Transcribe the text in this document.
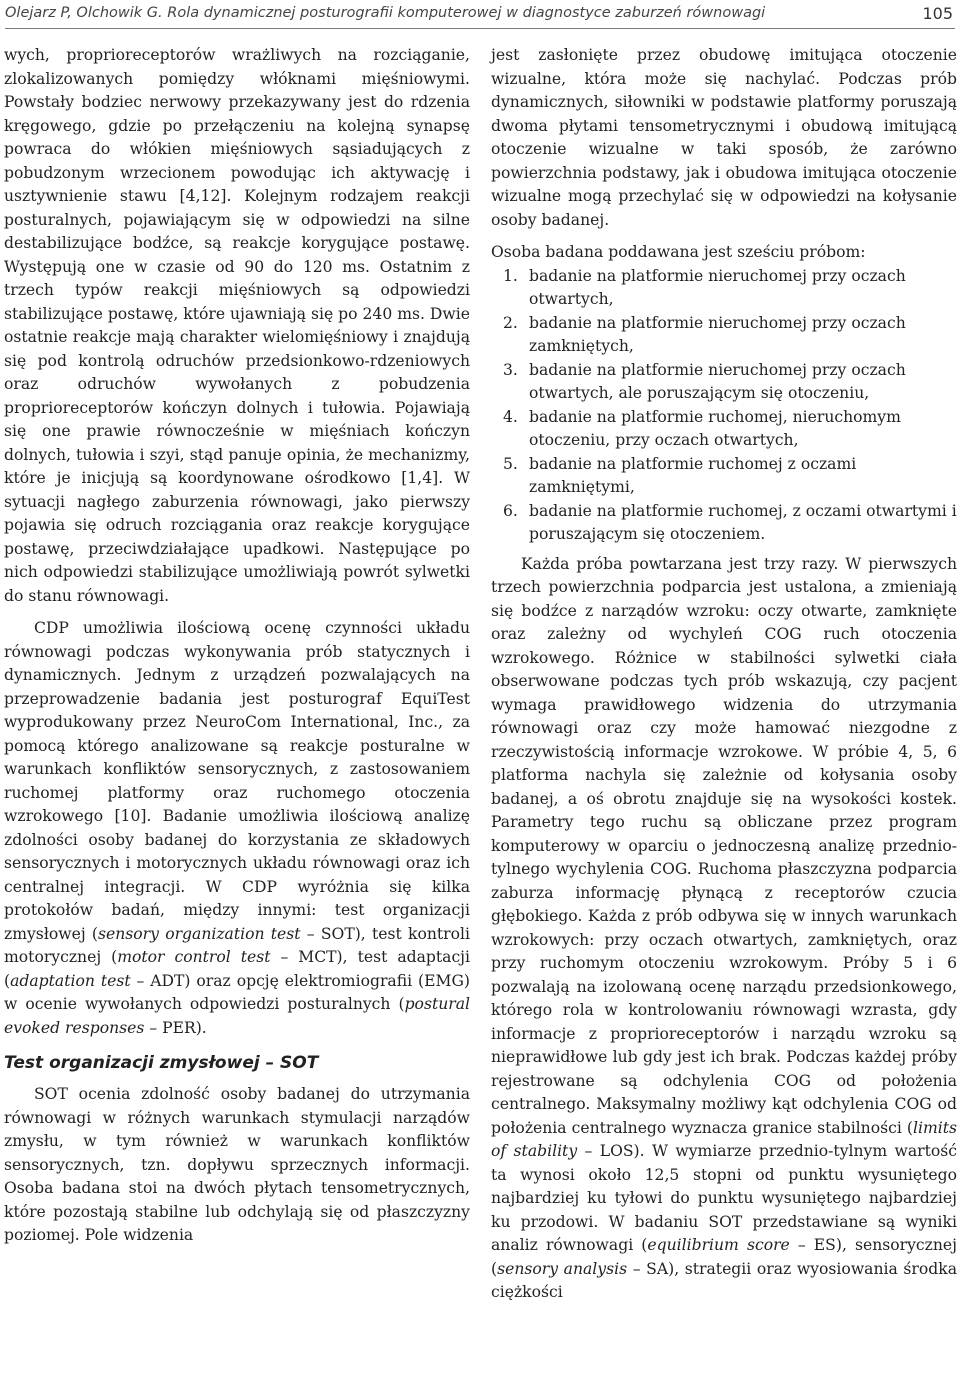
Olejarz P, Olchowik G. Rola dynamicznej posturografii komputerowej w diagnostyce zaburzeń równowagi	105

wych, proprioreceptorów wrażliwych na rozciąganie, zlokalizowanych pomiędzy włóknami mięśniowymi. Powstały bodziec nerwowy przekazywany jest do rdzenia kręgowego, gdzie po przełączeniu na kolejną synapsę powraca do włókien mięśniowych sąsiadujących z pobudzonym wrzecionem powodując ich aktywację i usztywnienie stawu [4,12]. Kolejnym rodzajem reakcji posturalnych, pojawiającym się w odpowiedzi na silne destabilizujące bodźce, są reakcje korygujące postawę. Występują one w czasie od 90 do 120 ms. Ostatnim z trzech typów reakcji mięśniowych są odpowiedzi stabilizujące postawę, które ujawniają się po 240 ms. Dwie ostatnie reakcje mają charakter wielomięśniowy i znajdują się pod kontrolą odruchów przedsionkowo-rdzeniowych oraz odruchów wywołanych z pobudzenia proprioreceptorów kończyn dolnych i tułowia. Pojawiają się one prawie równocześnie w mięśniach kończyn dolnych, tułowia i szyi, stąd panuje opinia, że mechanizmy, które je inicjują są koordynowane ośrodkowo [1,4]. W sytuacji nagłego zaburzenia równowagi, jako pierwszy pojawia się odruch rozciągania oraz reakcje korygujące postawę, przeciwdziałające upadkowi. Następujące po nich odpowiedzi stabilizujące umożliwiają powrót sylwetki do stanu równowagi.

CDP umożliwia ilościową ocenę czynności układu równowagi podczas wykonywania prób statycznych i dynamicznych. Jednym z urządzeń pozwalających na przeprowadzenie badania jest posturograf EquiTest wyprodukowany przez NeuroCom International, Inc., za pomocą którego analizowane są reakcje posturalne w warunkach konfliktów sensorycznych, z zastosowaniem ruchomej platformy oraz ruchomego otoczenia wzrokowego [10]. Badanie umożliwia ilościową analizę zdolności osoby badanej do korzystania ze składowych sensorycznych i motorycznych układu równowagi oraz ich centralnej integracji. W CDP wyróżnia się kilka protokołów badań, między innymi: test organizacji zmysłowej (sensory organization test – SOT), test kontroli motorycznej (motor control test – MCT), test adaptacji (adaptation test – ADT) oraz opcję elektromiografii (EMG) w ocenie wywołanych odpowiedzi posturalnych (postural evoked responses – PER).

Test organizacji zmysłowej – SOT

SOT ocenia zdolność osoby badanej do utrzymania równowagi w różnych warunkach stymulacji narządów zmysłu, w tym również w warunkach konfliktów sensorycznych, tzn. dopływu sprzecznych informacji. Osoba badana stoi na dwóch płytach tensometrycznych, które pozostają stabilne lub odchylają się od płaszczyzny poziomej. Pole widzenia

jest zasłonięte przez obudowę imitująca otoczenie wizualne, która może się nachylać. Podczas prób dynamicznych, siłowniki w podstawie platformy poruszają dwoma płytami tensometrycznymi i obudową imitującą otoczenie wizualne w taki sposób, że zarówno powierzchnia podstawy, jak i obudowa imitująca otoczenie wizualne mogą przechylać się w odpowiedzi na kołysanie osoby badanej.

Osoba badana poddawana jest sześciu próbom:

1. badanie na platformie nieruchomej przy oczach otwartych,
2. badanie na platformie nieruchomej przy oczach zamkniętych,
3. badanie na platformie nieruchomej przy oczach otwartych, ale poruszającym się otoczeniu,
4. badanie na platformie ruchomej, nieruchomym otoczeniu, przy oczach otwartych,
5. badanie na platformie ruchomej z oczami zamkniętymi,
6. badanie na platformie ruchomej, z oczami otwartymi i poruszającym się otoczeniem.

Każda próba powtarzana jest trzy razy. W pierwszych trzech powierzchnia podparcia jest ustalona, a zmieniają się bodźce z narządów wzroku: oczy otwarte, zamknięte oraz zależny od wychyleń COG ruch otoczenia wzrokowego. Różnice w stabilności sylwetki ciała obserwowane podczas tych prób wskazują, czy pacjent wymaga prawidłowego widzenia do utrzymania równowagi oraz czy może hamować niezgodne z rzeczywistością informacje wzrokowe. W próbie 4, 5, 6 platforma nachyla się zależnie od kołysania osoby badanej, a oś obrotu znajduje się na wysokości kostek. Parametry tego ruchu są obliczane przez program komputerowy w oparciu o jednoczesną analizę przednio-tylnego wychylenia COG. Ruchoma płaszczyzna podparcia zaburza informację płynącą z receptorów czucia głębokiego. Każda z prób odbywa się w innych warunkach wzrokowych: przy oczach otwartych, zamkniętych, oraz przy ruchomym otoczeniu wzrokowym. Próby 5 i 6 pozwalają na izolowaną ocenę narządu przedsionkowego, którego rola w kontrolowaniu równowagi wzrasta, gdy informacje z proprioreceptorów i narządu wzroku są nieprawidłowe lub gdy jest ich brak. Podczas każdej próby rejestrowane są odchylenia COG od położenia centralnego. Maksymalny możliwy kąt odchylenia COG od położenia centralnego wyznacza granice stabilności (limits of stability – LOS). W wymiarze przednio-tylnym wartość ta wynosi około 12,5 stopni od punktu wysuniętego najbardziej ku tyłowi do punktu wysuniętego najbardziej ku przodowi. W badaniu SOT przedstawiane są wyniki analiz równowagi (equilibrium score – ES), sensorycznej (sensory analysis – SA), strategii oraz wyosiowania środka ciężkości
